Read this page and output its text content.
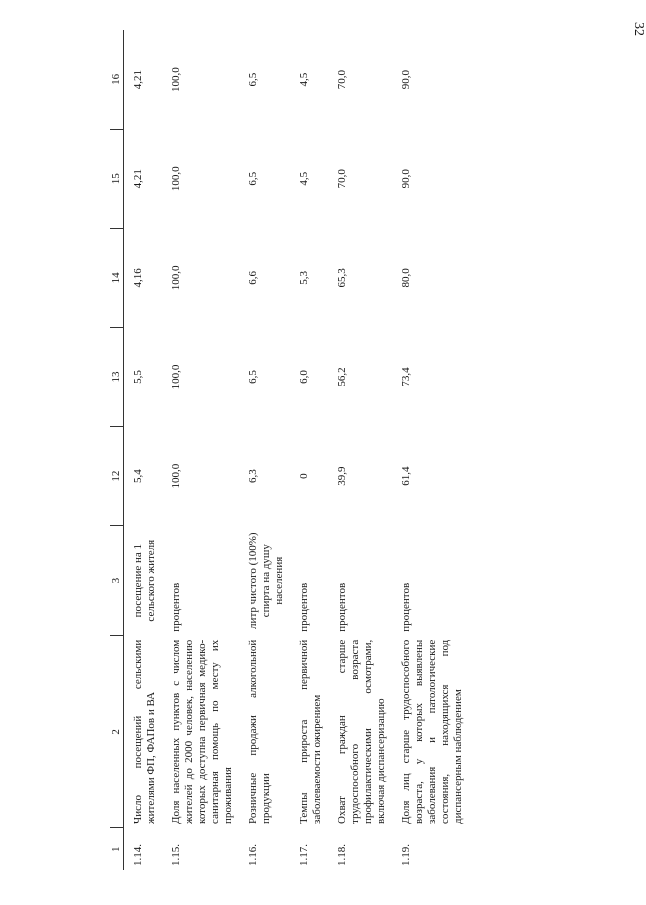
32
1	2	3	12	13	14	15	16
1.14.	Число посещений сельскими жителями ФП, ФАПов и ВА	посещение на 1 сельского жителя	5,4	5,5	4,16	4,21	4,21
1.15.	Доля населенных пунктов с числом жителей до 2000 человек, населению которых доступна первичная медико-санитарная помощь по месту их проживания	процентов	100,0	100,0	100,0	100,0	100,0
1.16.	Розничные продажи алкогольной продукции	литр чистого (100%) спирта на душу населения	6,3	6,5	6,6	6,5	6,5
1.17.	Темпы прироста первичной заболеваемости ожирением	процентов	0	6,0	5,3	4,5	4,5
1.18.	Охват граждан старше трудоспособного возраста профилактическими осмотрами, включая диспансеризацию	процентов	39,9	56,2	65,3	70,0	70,0
1.19.	Доля лиц старше трудоспособного возраста, у которых выявлены заболевания и патологические состояния, находящихся под диспансерным наблюдением	процентов	61,4	73,4	80,0	90,0	90,0
